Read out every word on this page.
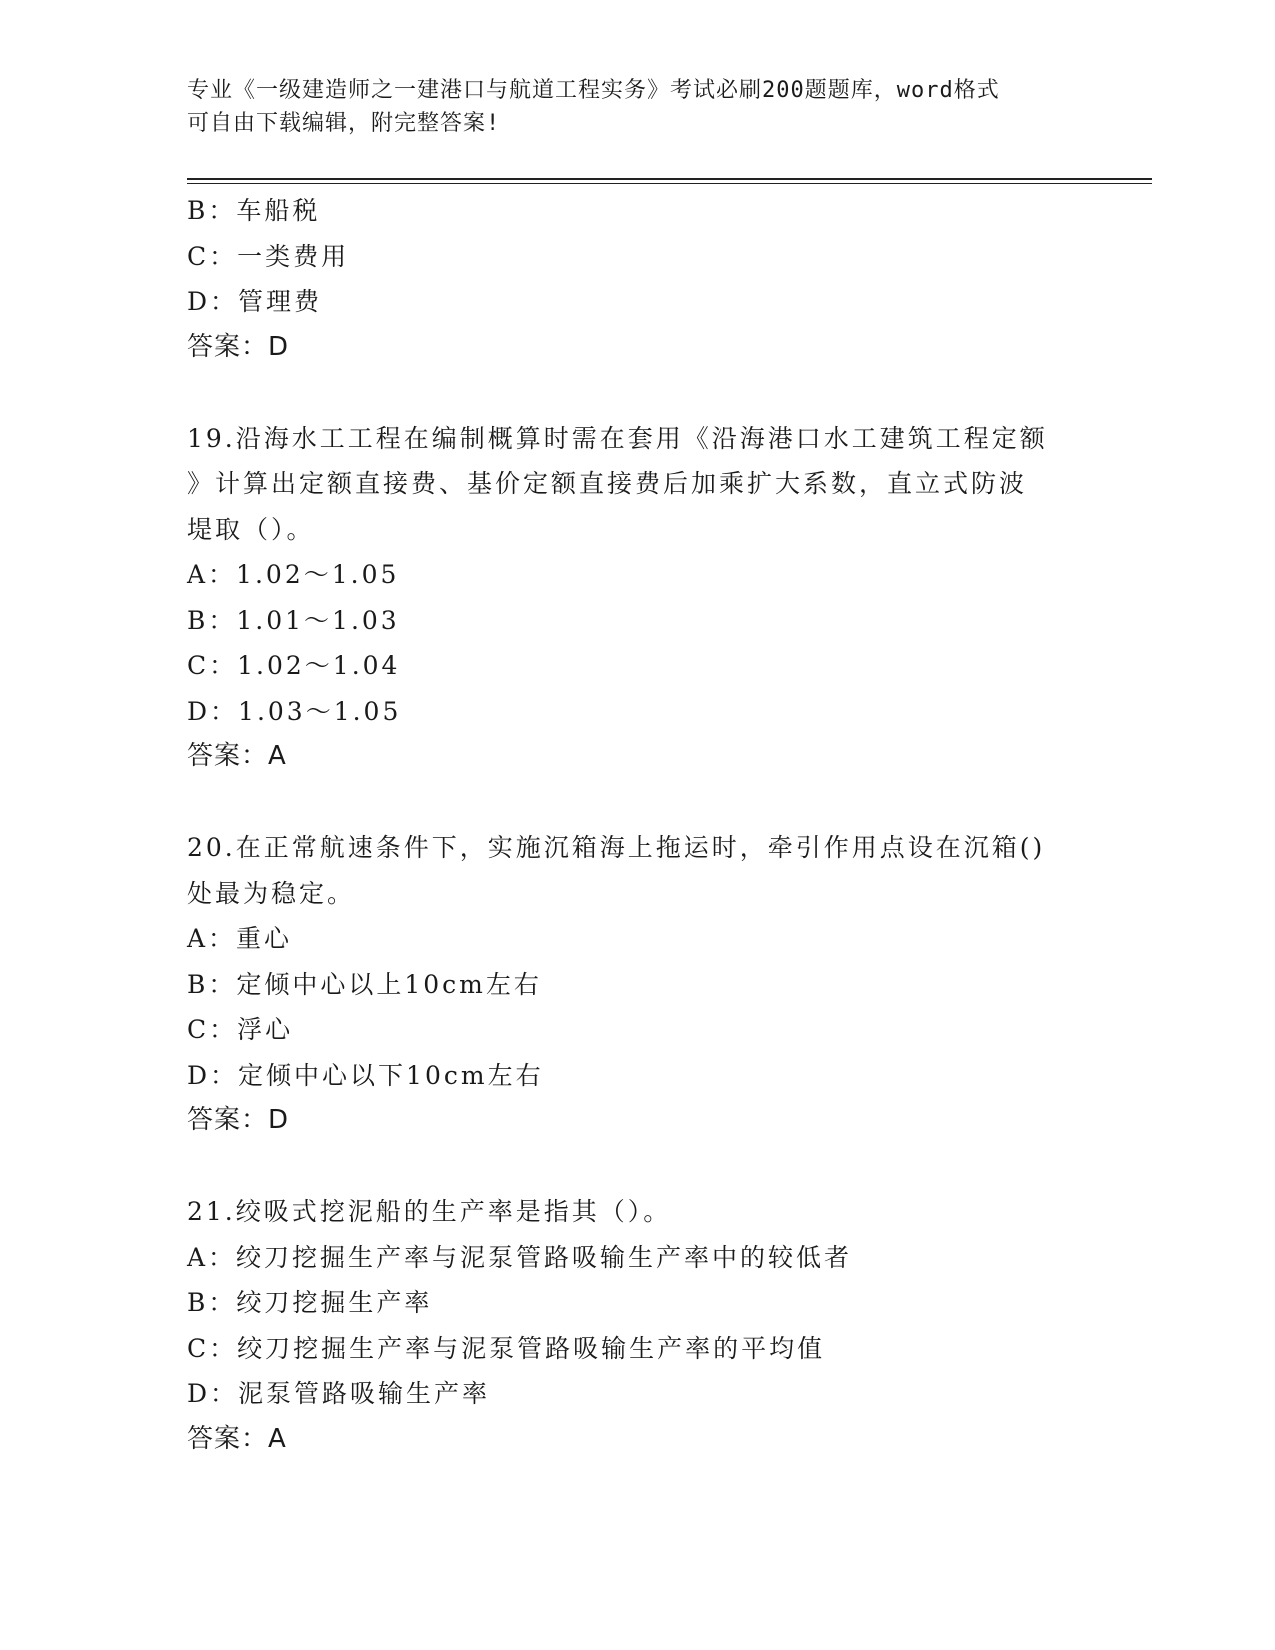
专业《一级建造师之一建港口与航道工程实务》考试必刷200题题库，word格式
可自由下载编辑，附完整答案!
B：车船税
C：一类费用
D：管理费
答案：D
19.沿海水工工程在编制概算时需在套用《沿海港口水工建筑工程定额
》计算出定额直接费、基价定额直接费后加乘扩大系数，直立式防波
堤取（）。
A：1.02～1.05
B：1.01～1.03
C：1.02～1.04
D：1.03～1.05
答案：A
20.在正常航速条件下，实施沉箱海上拖运时，牵引作用点设在沉箱()
处最为稳定。
A：重心
B：定倾中心以上10cm左右
C：浮心
D：定倾中心以下10cm左右
答案：D
21.绞吸式挖泥船的生产率是指其（）。
A：绞刀挖掘生产率与泥泵管路吸输生产率中的较低者
B：绞刀挖掘生产率
C：绞刀挖掘生产率与泥泵管路吸输生产率的平均值
D：泥泵管路吸输生产率
答案：A
